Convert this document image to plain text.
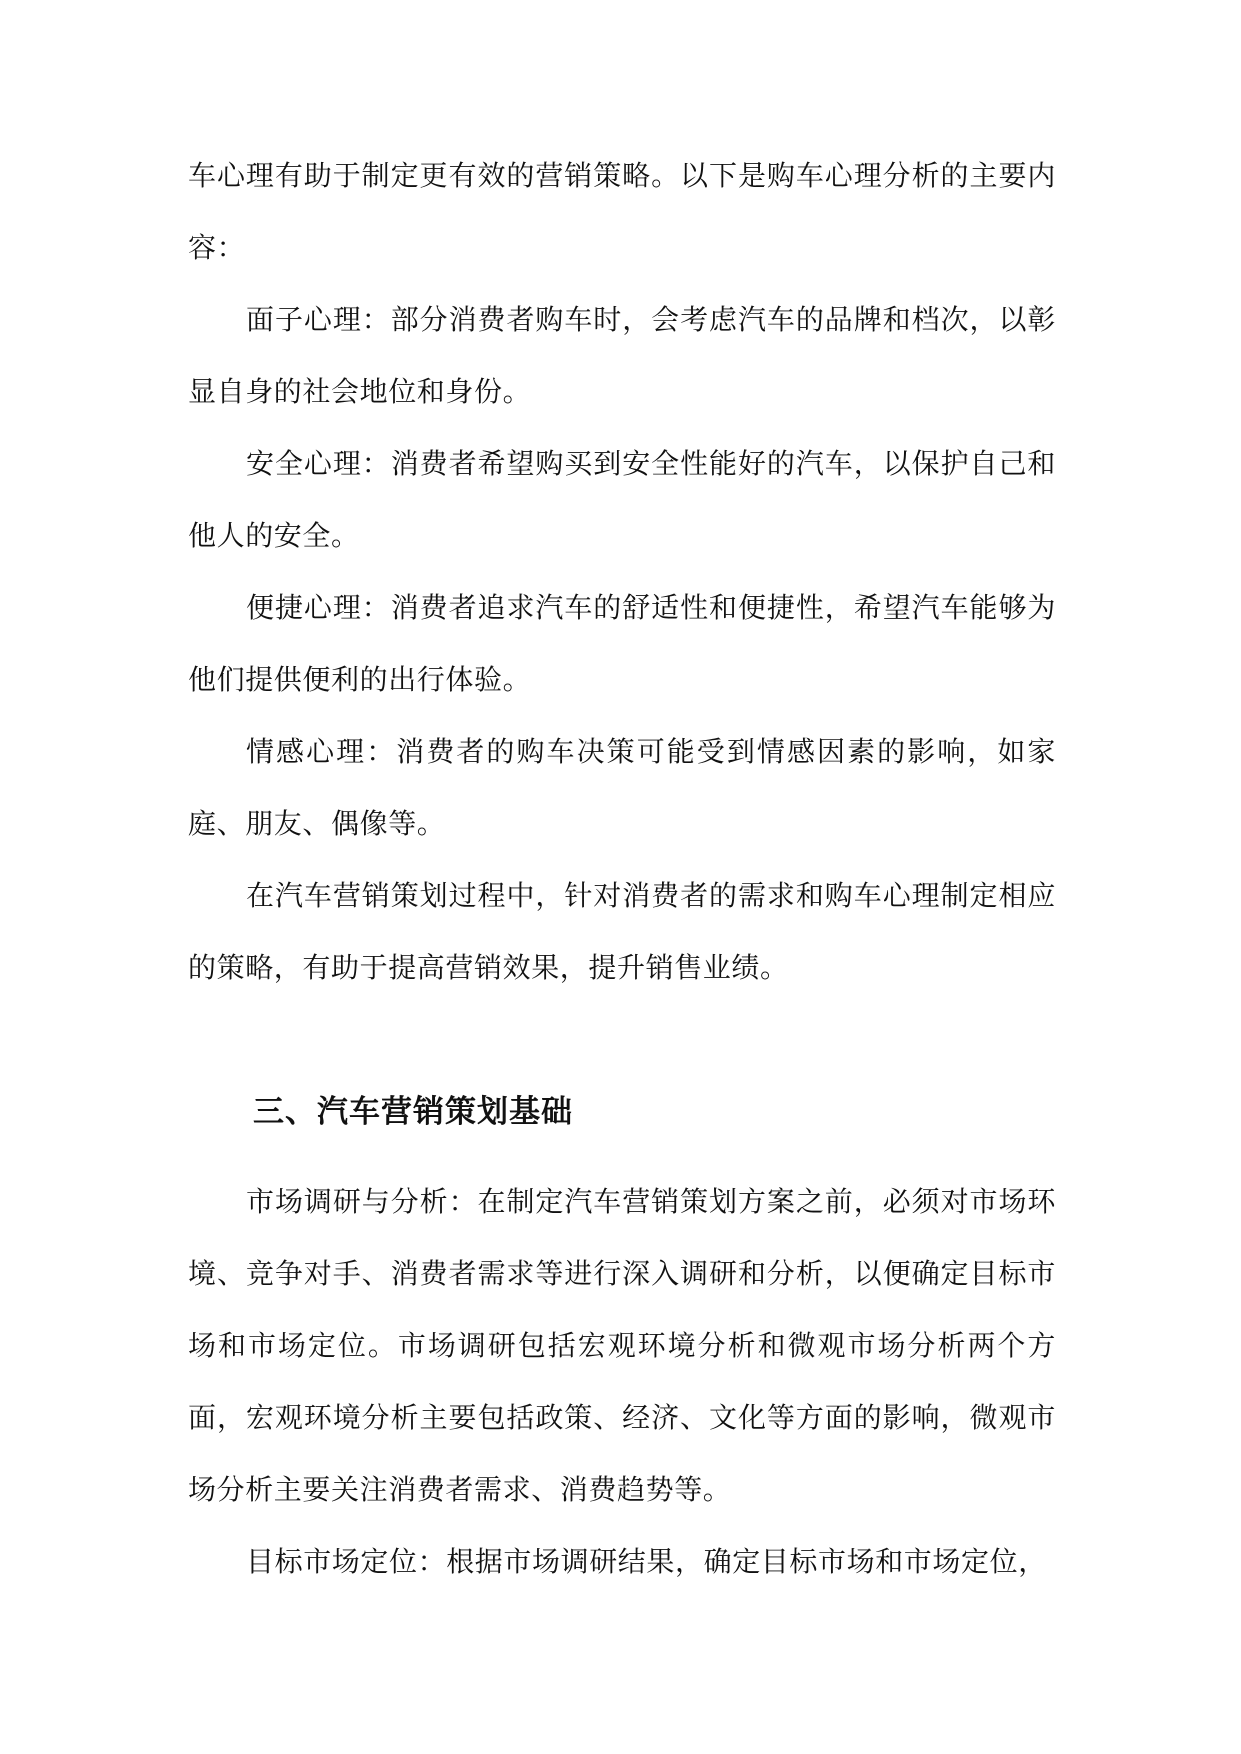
车心理有助于制定更有效的营销策略。以下是购车心理分析的主要内容：

面子心理：部分消费者购车时，会考虑汽车的品牌和档次，以彰显自身的社会地位和身份。

安全心理：消费者希望购买到安全性能好的汽车，以保护自己和他人的安全。

便捷心理：消费者追求汽车的舒适性和便捷性，希望汽车能够为他们提供便利的出行体验。

情感心理：消费者的购车决策可能受到情感因素的影响，如家庭、朋友、偶像等。

在汽车营销策划过程中，针对消费者的需求和购车心理制定相应的策略，有助于提高营销效果，提升销售业绩。

三、汽车营销策划基础

市场调研与分析：在制定汽车营销策划方案之前，必须对市场环境、竞争对手、消费者需求等进行深入调研和分析，以便确定目标市场和市场定位。市场调研包括宏观环境分析和微观市场分析两个方面，宏观环境分析主要包括政策、经济、文化等方面的影响，微观市场分析主要关注消费者需求、消费趋势等。

目标市场定位：根据市场调研结果，确定目标市场和市场定位，
